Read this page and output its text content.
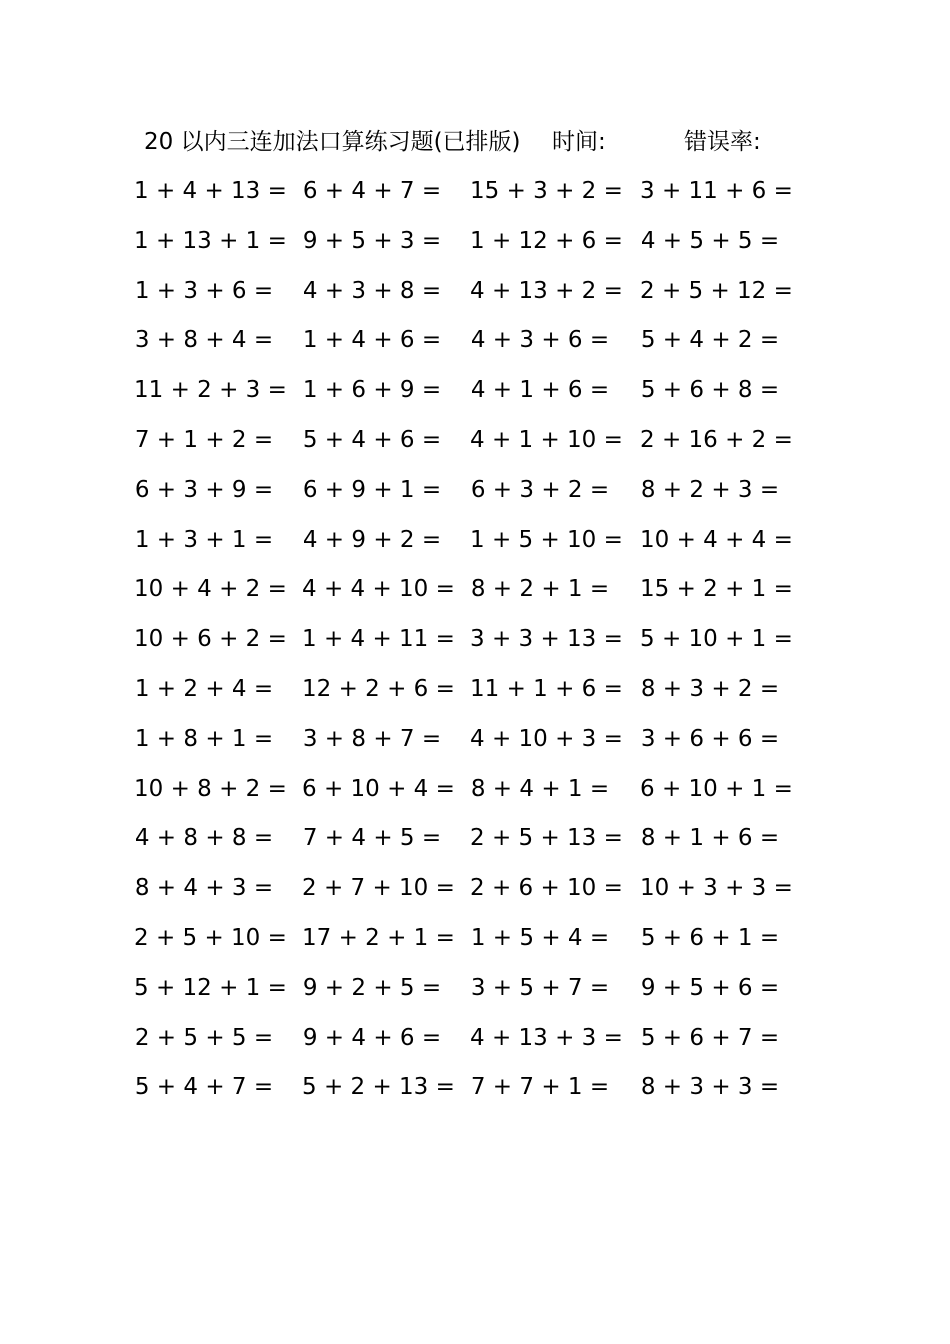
20 以内三连加法口算练习题(已排版) 时间:	错误率:
1 + 4 + 13 = 6 + 4 + 7 = 15 + 3 + 2 = 3 + 11 + 6 =
1 + 13 + 1 = 9 + 5 + 3 = 1 + 12 + 6 = 4 + 5 + 5 =
1 + 3 + 6 = 4 + 3 + 8 = 4 + 13 + 2 = 2 + 5 + 12 =
3 + 8 + 4 = 1 + 4 + 6 = 4 + 3 + 6 = 5 + 4 + 2 =
11 + 2 + 3 = 1 + 6 + 9 = 4 + 1 + 6 = 5 + 6 + 8 =
7 + 1 + 2 = 5 + 4 + 6 = 4 + 1 + 10 = 2 + 16 + 2 =
6 + 3 + 9 = 6 + 9 + 1 = 6 + 3 + 2 = 8 + 2 + 3 =
1 + 3 + 1 = 4 + 9 + 2 = 1 + 5 + 10 = 10 + 4 + 4 =
10 + 4 + 2 = 4 + 4 + 10 = 8 + 2 + 1 = 15 + 2 + 1 =
10 + 6 + 2 = 1 + 4 + 11 = 3 + 3 + 13 = 5 + 10 + 1 =
1 + 2 + 4 = 12 + 2 + 6 = 11 + 1 + 6 = 8 + 3 + 2 =
1 + 8 + 1 = 3 + 8 + 7 = 4 + 10 + 3 = 3 + 6 + 6 =
10 + 8 + 2 = 6 + 10 + 4 = 8 + 4 + 1 = 6 + 10 + 1 =
4 + 8 + 8 = 7 + 4 + 5 = 2 + 5 + 13 = 8 + 1 + 6 =
8 + 4 + 3 = 2 + 7 + 10 = 2 + 6 + 10 = 10 + 3 + 3 =
2 + 5 + 10 = 17 + 2 + 1 = 1 + 5 + 4 = 5 + 6 + 1 =
5 + 12 + 1 = 9 + 2 + 5 = 3 + 5 + 7 = 9 + 5 + 6 =
2 + 5 + 5 = 9 + 4 + 6 = 4 + 13 + 3 = 5 + 6 + 7 =
5 + 4 + 7 = 5 + 2 + 13 = 7 + 7 + 1 = 8 + 3 + 3 =
